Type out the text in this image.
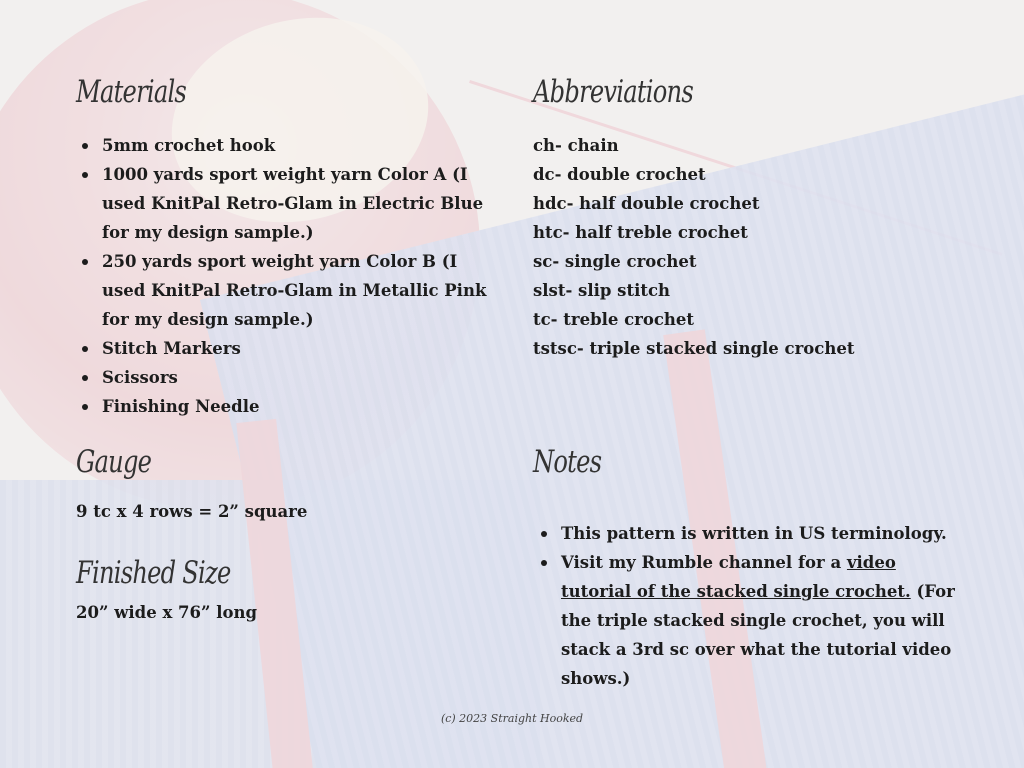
Materials
5mm crochet hook
1000 yards sport weight yarn Color A (I used KnitPal Retro-Glam in Electric Blue for my design sample.)
250 yards sport weight yarn Color B (I used KnitPal Retro-Glam in Metallic Pink for my design sample.)
Stitch Markers
Scissors
Finishing Needle
Abbreviations
ch- chain
dc- double crochet
hdc- half double crochet
htc- half treble crochet
sc- single crochet
slst- slip stitch
tc- treble crochet
tstsc- triple stacked single crochet
Gauge

9 tc x 4 rows = 2” square

Finished Size

20” wide x 76” long

Notes
This pattern is written in US terminology.
Visit my Rumble channel for a video tutorial of the stacked single crochet. (For the triple stacked single crochet, you will stack a 3rd sc over what the tutorial video shows.)
(c) 2023 Straight Hooked
